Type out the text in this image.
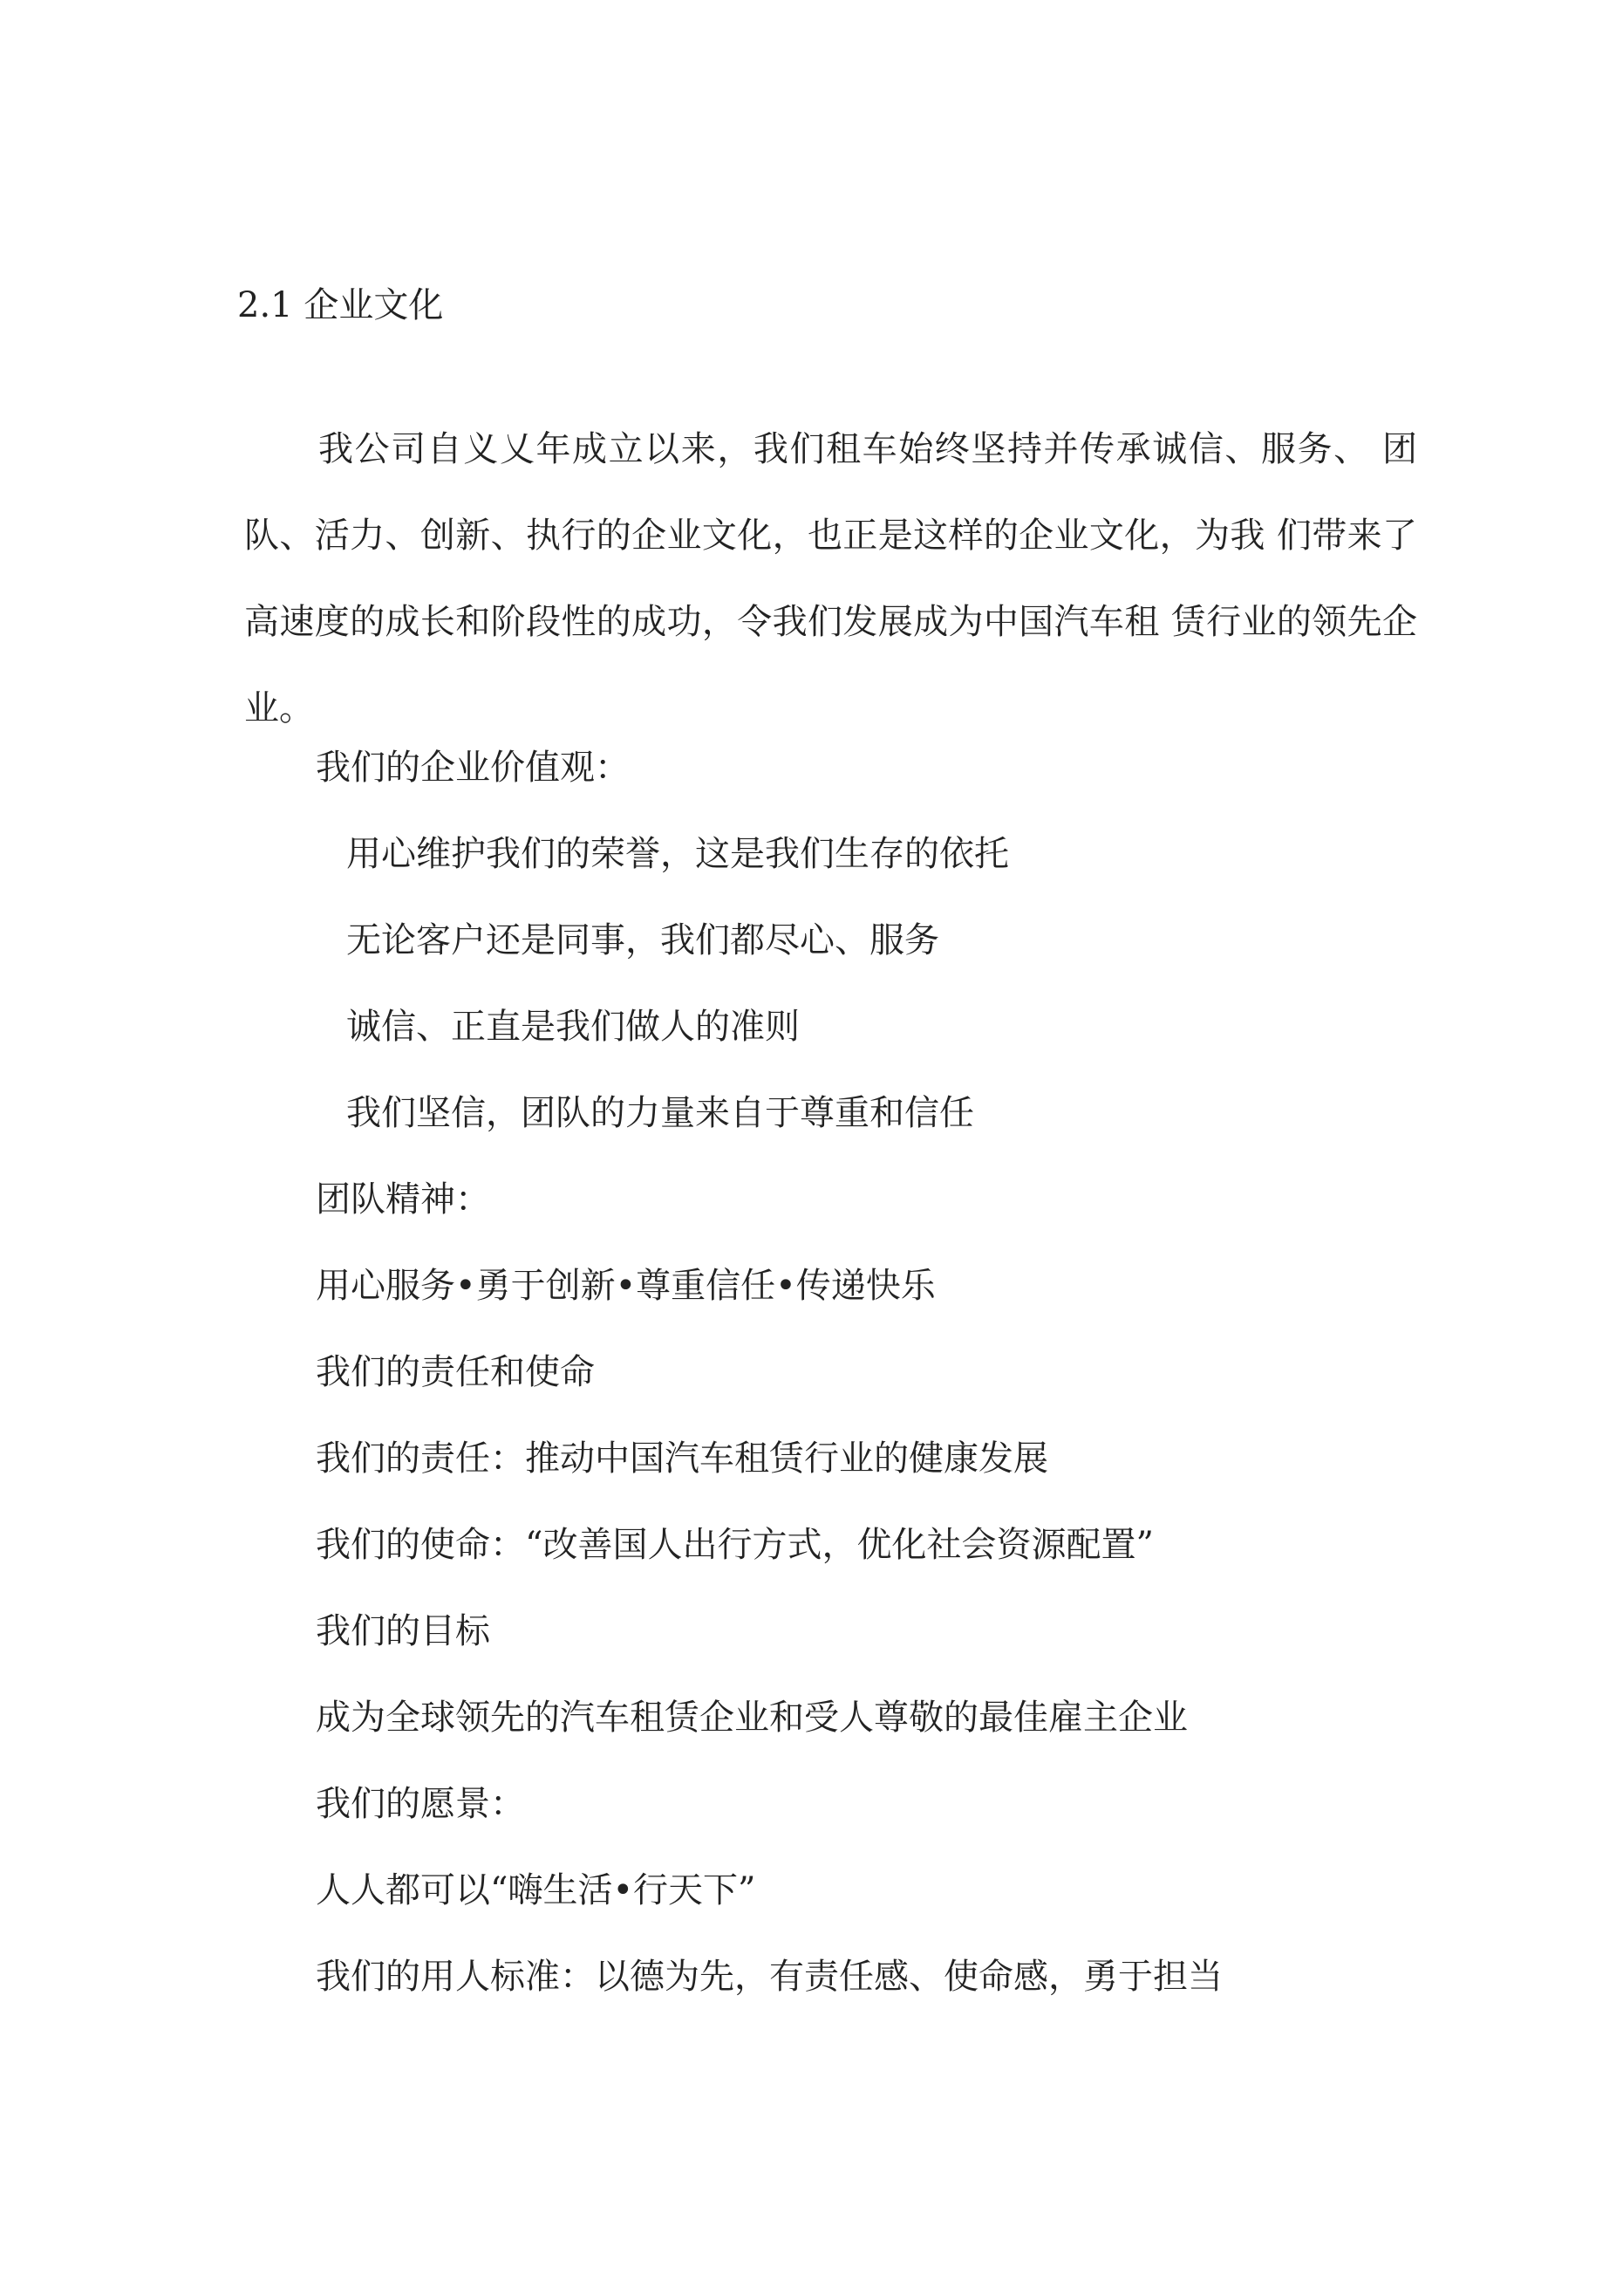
2.1 企业文化

我公司自义乂年成立以来，我们租车始终坚持并传承诚信、服务、 团队、活力、创新、执行的企业文化，也正是这样的企业文化，为我 们带来了高速度的成长和阶段性的成功，令我们发展成为中国汽车租 赁行业的领先企业。

我们的企业价值观：
用心维护我们的荣誉，这是我们生存的依托
无论客户还是同事，我们都尽心、服务
诚信、正直是我们做人的准则
我们坚信，团队的力量来自于尊重和信任
团队精神：
用心服务•勇于创新•尊重信任•传递快乐
我们的责任和使命
我们的责任：推动中国汽车租赁行业的健康发展
我们的使命：“改善国人出行方式，优化社会资源配置”
我们的目标
成为全球领先的汽车租赁企业和受人尊敬的最佳雇主企业
我们的愿景：
人人都可以“嗨生活•行天下”
我们的用人标准：以德为先，有责任感、使命感，勇于担当
